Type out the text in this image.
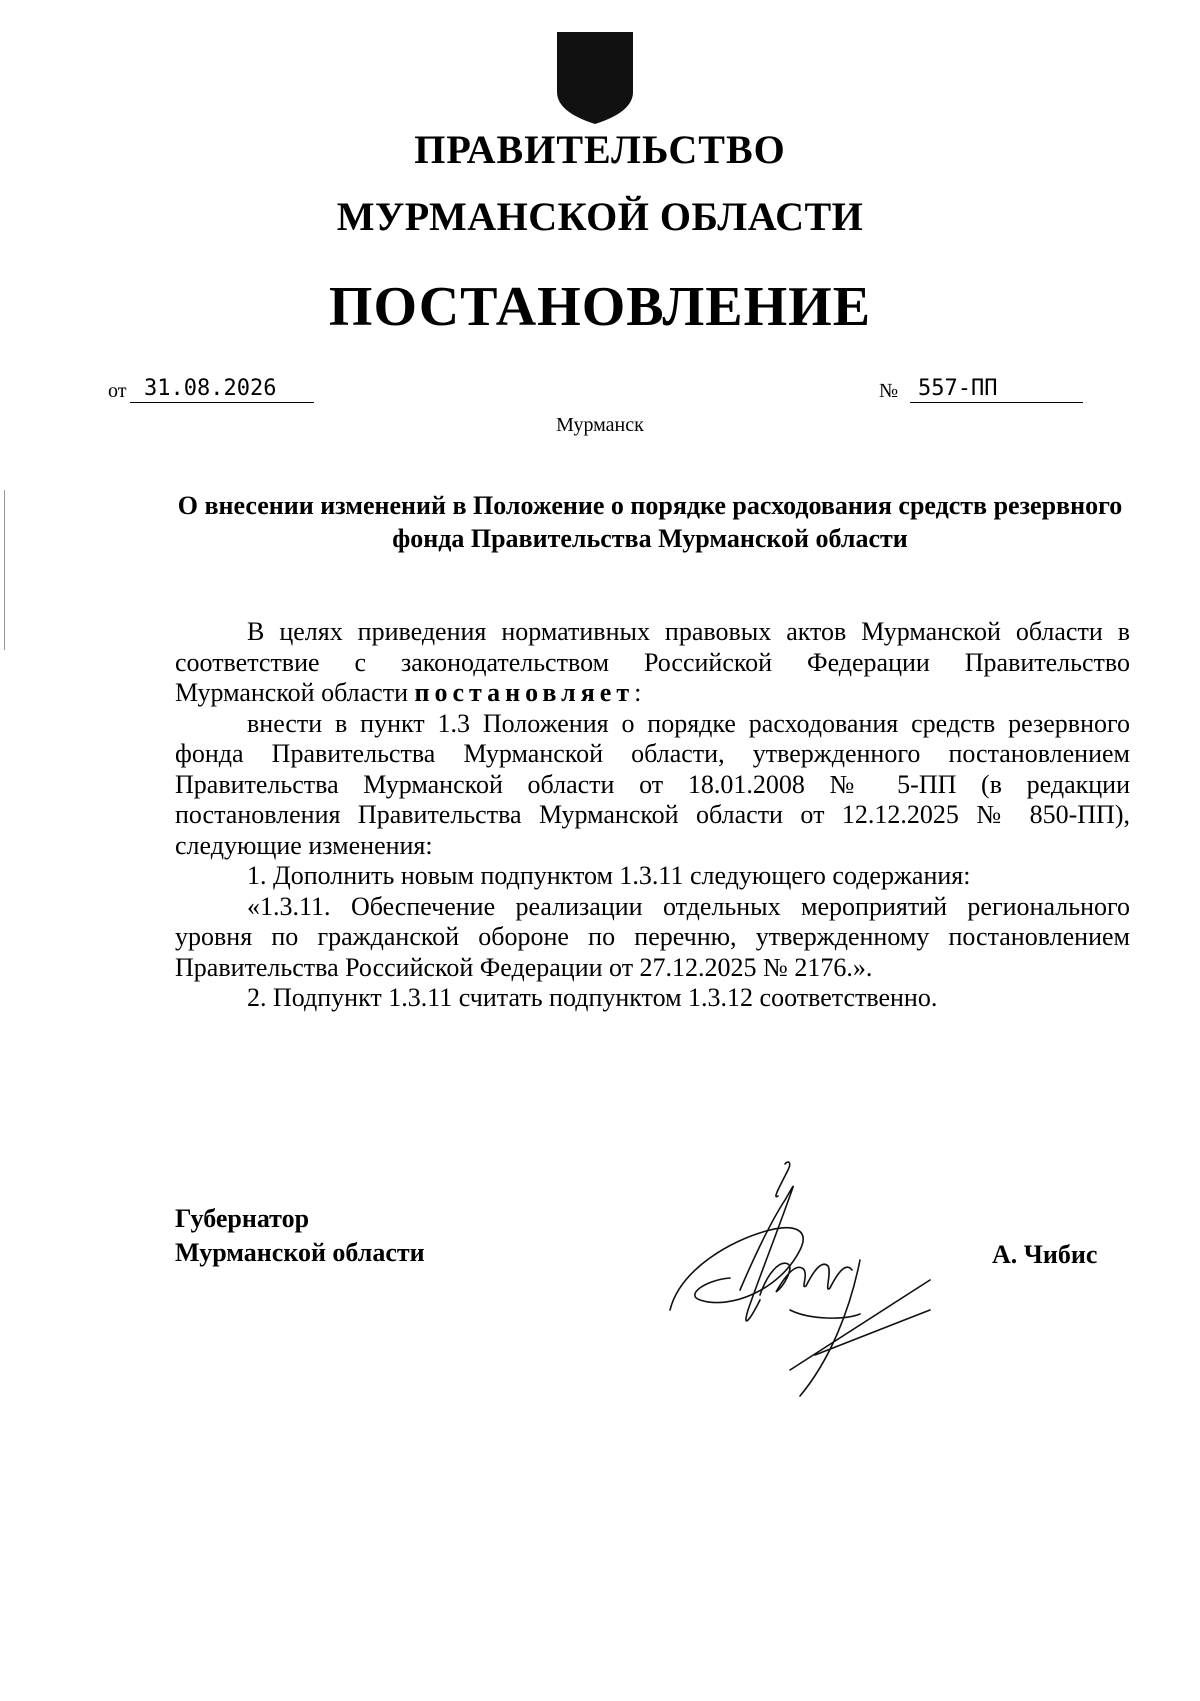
ПРАВИТЕЛЬСТВО
МУРМАНСКОЙ ОБЛАСТИ
ПОСТАНОВЛЕНИЕ
от 31.08.2026	№ 557-ПП
Мурманск
О внесении изменений в Положение о порядке расходования средств резервного фонда Правительства Мурманской области

В целях приведения нормативных правовых актов Мурманской области в соответствие с законодательством Российской Федерации Правительство Мурманской области постановляет:

внести в пункт 1.3 Положения о порядке расходования средств резервного фонда Правительства Мурманской области, утвержденного постановлением Правительства Мурманской области от 18.01.2008 № 5-ПП (в редакции постановления Правительства Мурманской области от 12.12.2025 № 850-ПП), следующие изменения:

1. Дополнить новым подпунктом 1.3.11 следующего содержания:

«1.3.11. Обеспечение реализации отдельных мероприятий регионального уровня по гражданской обороне по перечню, утвержденному постановлением Правительства Российской Федерации от 27.12.2025 № 2176.».

2. Подпункт 1.3.11 считать подпунктом 1.3.12 соответственно.

Губернатор
Мурманской области	А. Чибис
